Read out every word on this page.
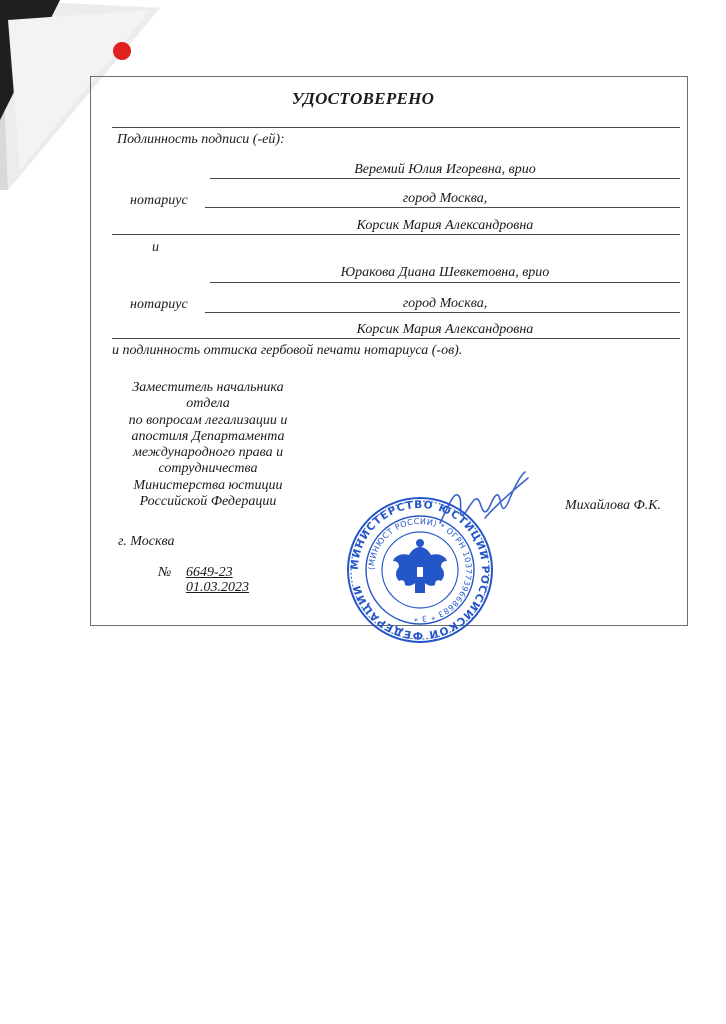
УДОСТОВЕРЕНО
Подлинность подписи (-ей):
Веремий Юлия Игоревна, врио
нотариус	город Москва,
Корсик Мария Александровна
и
Юракова Диана Шевкетовна, врио
нотариус	город Москва,
Корсик Мария Александровна
и подлинность оттиска гербовой печати нотариуса (-ов).
Заместитель начальника
отдела
по вопросам легализации и
апостиля Департамента
международного права и
сотрудничества
Министерства юстиции
Российской Федерации	Михайлова Ф.К.
г. Москва
№ 6649-23
01.03.2023
МИНИСТЕРСТВО ЮСТИЦИИ РОССИЙСКОЙ ФЕДЕРАЦИИ
(МИНЮСТ РОССИИ) * ОГРН 1037739668683 * 3 *
